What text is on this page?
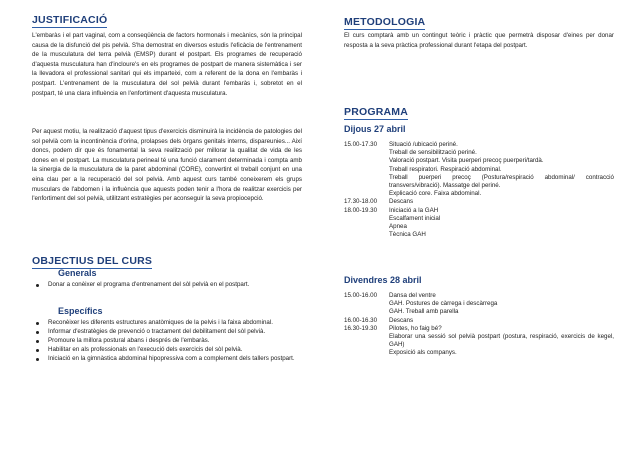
JUSTIFICACIÓ
L'embaràs i el part vaginal, com a conseqüència de factors hormonals i mecànics, són la principal causa de la disfunció del pis pelvià. S'ha demostrat en diversos estudis l'eficàcia de l'entrenament de la musculatura del terra pelvià (EMSP) durant el postpart. Els programes de recuperació d'aquesta musculatura han d'incloure's en els programes de postpart de manera sistemàtica i ser la llevadora el professional sanitari qui els imparteixi, com a referent de la dona en l'embaràs i postpart. L'entrenament de la musculatura del sol pelvià durant l'embaràs i, sobretot en el postpart, té una clara influència en l'enfortiment d'aquesta musculatura.
Per aquest motiu, la realització d'aquest tipus d'exercicis disminuirà la incidència de patologies del sol pelvià com la incontinència d'orina, prolapses dels òrgans genitals interns, dispareunies... Així doncs, podem dir que és fonamental la seva realització per millorar la qualitat de vida de les dones en el postpart. La musculatura perineal té una funció clarament determinada i compta amb la sinergia de la musculatura de la paret abdominal (CORE), convertint el treball conjunt en una eina clau per a la recuperació del sol pelvià. Amb aquest curs també coneixerem els grups musculars de l'abdomen i la influència que aquests poden tenir a l'hora de realitzar exercicis per l'enfortiment del sol pelvià, utilitzant estratègies per aconseguir la seva propiocepció.
OBJECTIUS DEL CURS
Generals
Donar a conèixer el programa d'entrenament del sòl pelvià en el postpart.
Específics
Reconèixer les diferents estructures anatòmiques de la pelvis i la faixa abdominal.
Informar d'estratègies de prevenció o tractament del debilitament del sòl pelvià.
Promoure la millora postural abans i després de l'embaràs.
Habilitar en als professionals en l'execució dels exercicis del sòl pelvià.
Iniciació en la gimnàstica abdominal hipopressiva com a complement dels tallers postpart.
METODOLOGIA
El curs comptarà amb un contingut teòric i pràctic que permetrà disposar d'eines per donar resposta a la seva pràctica professional durant l'etapa del postpart.
PROGRAMA
Dijous 27 abril
15.00-17.30	Situació /ubicació periné.
Treball de sensibilització periné.
Valoració postpart. Visita puerperi precoç puerperi/tardà.
Treball respiratori. Respiració abdominal.
Treball puerperi precoç (Postura/respiració abdominal/ contracció transvers/vibració). Massatge del periné.
Explicació core. Faixa abdominal.
17.30-18.00	Descans
18.00-19.30	Iniciació a la GAH
Escalfament inicial
Apnea
Tècnica GAH
Divendres 28 abril
15.00-16.00	Dansa del ventre
GAH. Postures de càrrega i descàrrega
GAH. Treball amb parella
16.00-16.30	Descans
16.30-19.30	Pilotes, ho faig bé?
Elaborar una sessió sol pelvià postpart (postura, respiració, exercicis de kegel, GAH)
Exposició als companys.
